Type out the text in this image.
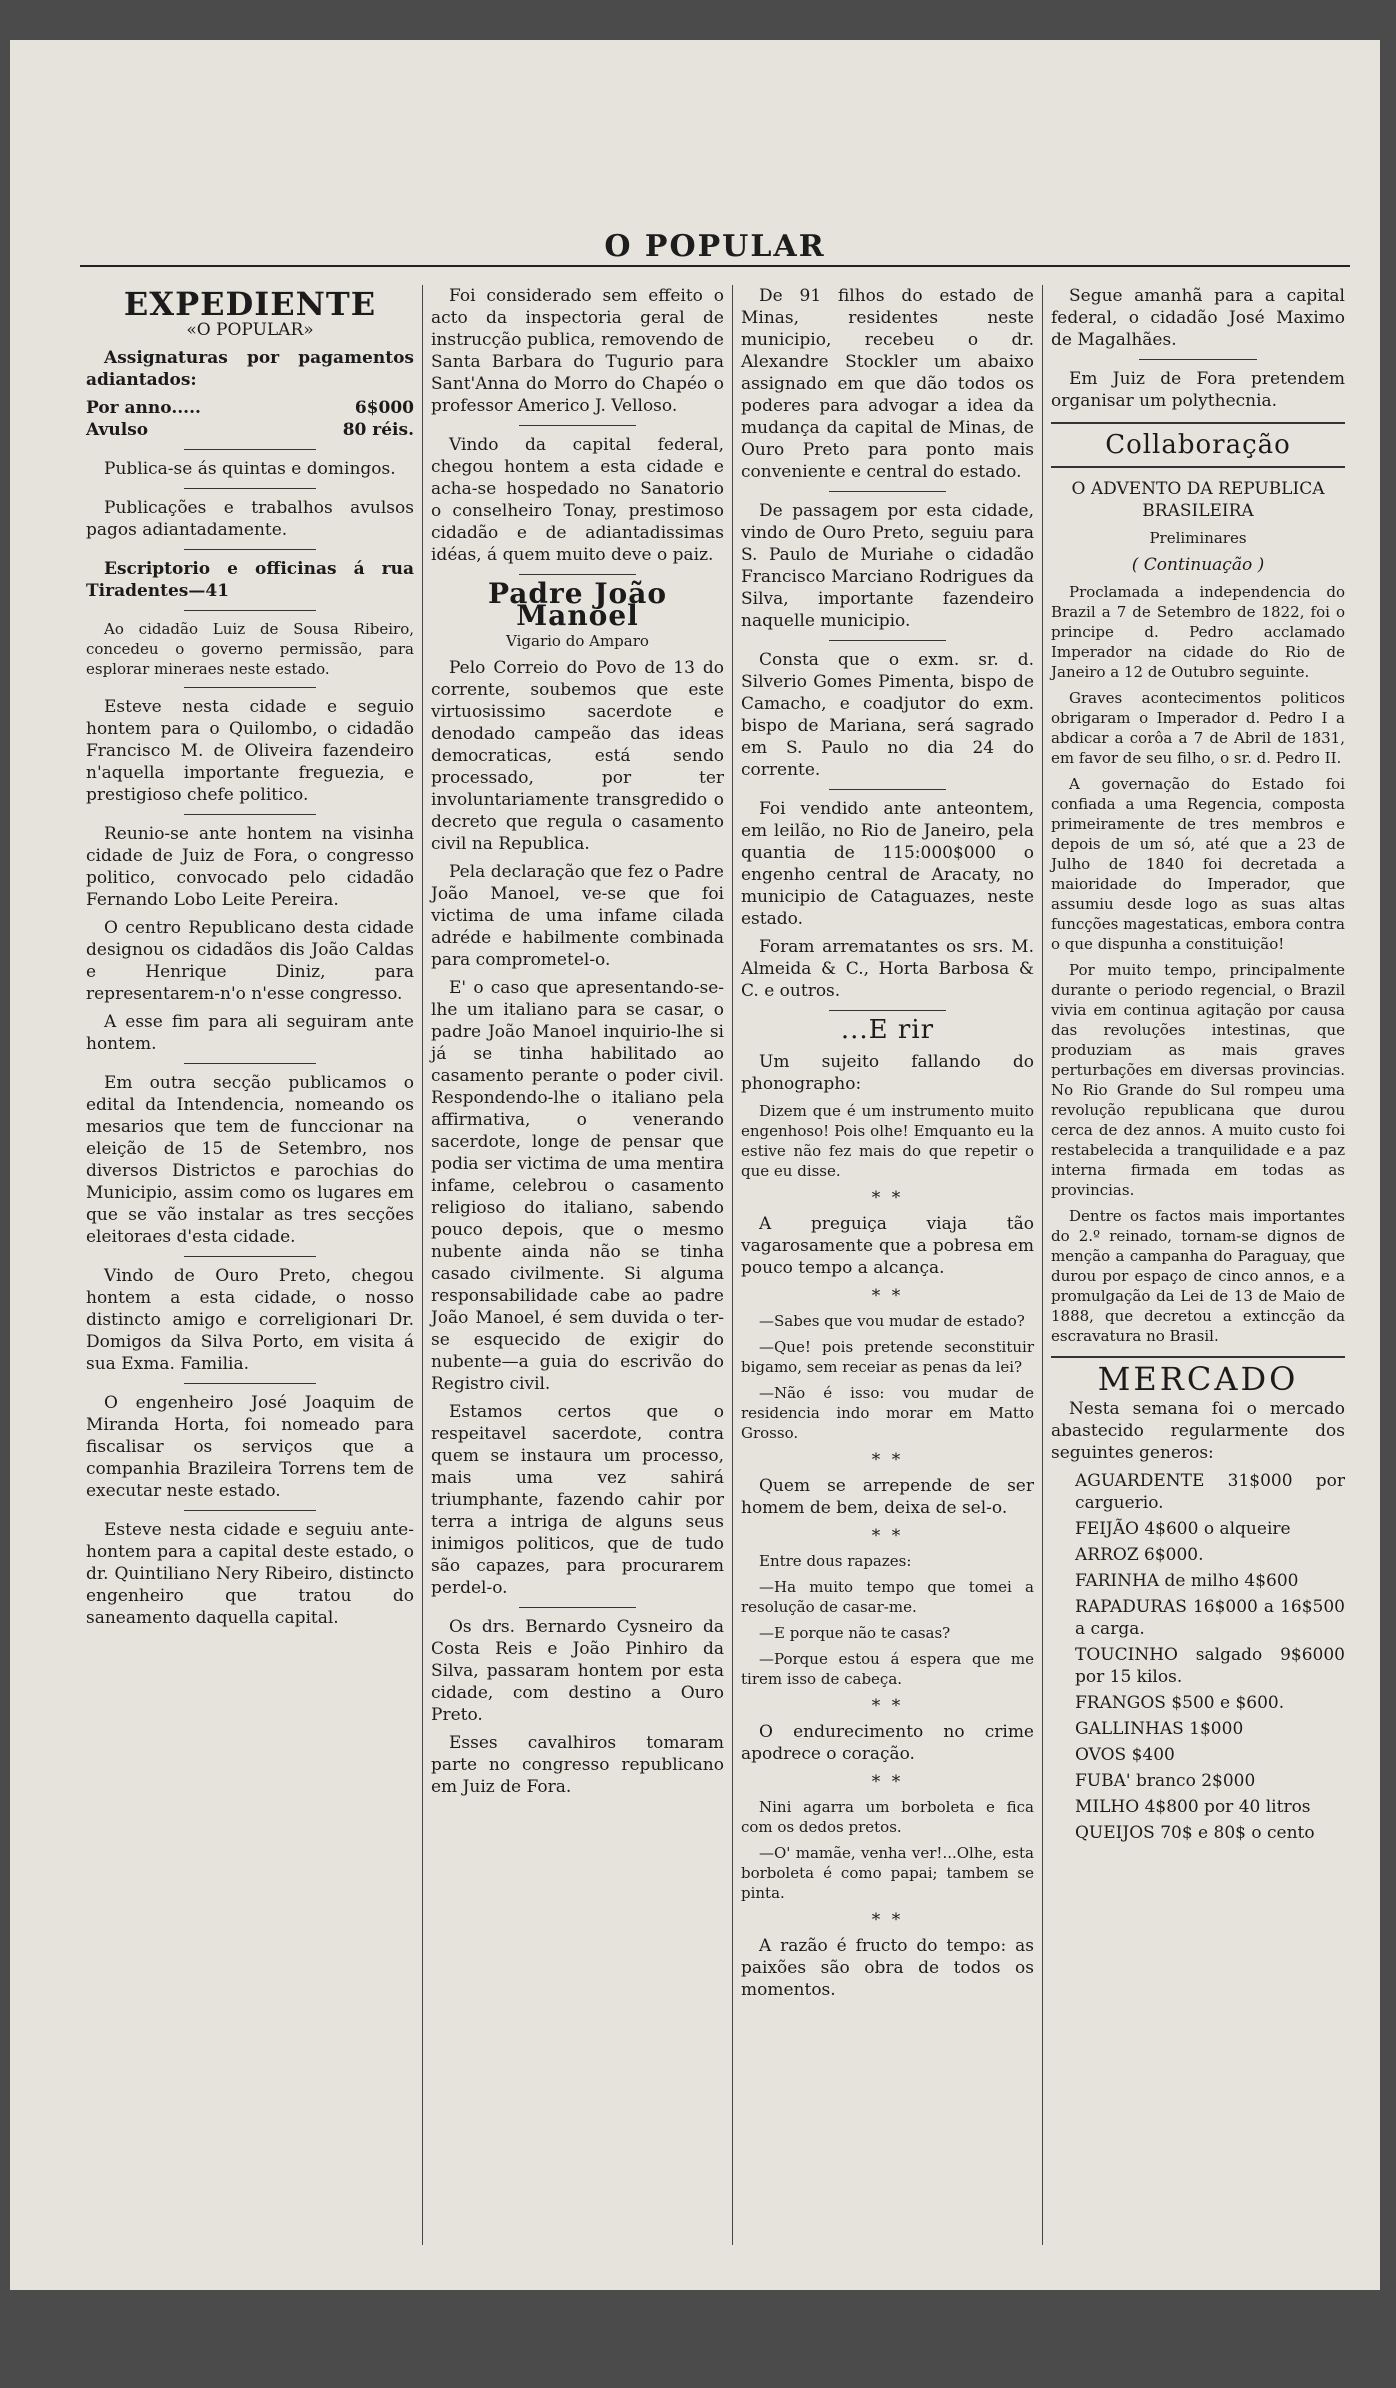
O POPULAR

EXPEDIENTE

«O POPULAR»

Assignaturas por pagamentos adiantados:

Por anno.....	6$000
Avulso	80 réis.

Publica-se ás quintas e domingos.

Publicações e trabalhos avulsos pagos adiantadamente.

Escriptorio e officinas á rua Tiradentes—41

Ao cidadão Luiz de Sousa Ribeiro, concedeu o governo permissão, para esplorar mineraes neste estado.

Esteve nesta cidade e seguio hontem para o Quilombo, o cidadão Francisco M. de Oliveira fazendeiro n'aquella importante freguezia, e prestigioso chefe politico.

Reunio-se ante hontem na visinha cidade de Juiz de Fora, o congresso politico, convocado pelo cidadão Fernando Lobo Leite Pereira.

O centro Republicano desta cidade designou os cidadãos dis João Caldas e Henrique Diniz, para representarem-n'o n'esse congresso.

A esse fim para ali seguiram ante hontem.

Em outra secção publicamos o edital da Intendencia, nomeando os mesarios que tem de funccionar na eleição de 15 de Setembro, nos diversos Districtos e parochias do Municipio, assim como os lugares em que se vão instalar as tres secções eleitoraes d'esta cidade.

Vindo de Ouro Preto, chegou hontem a esta cidade, o nosso distincto amigo e correligionari Dr. Domigos da Silva Porto, em visita á sua Exma. Familia.

O engenheiro José Joaquim de Miranda Horta, foi nomeado para fiscalisar os serviços que a companhia Brazileira Torrens tem de executar neste estado.

Esteve nesta cidade e seguiu ante-hontem para a capital deste estado, o dr. Quintiliano Nery Ribeiro, distincto engenheiro que tratou do saneamento daquella capital.

Foi considerado sem effeito o acto da inspectoria geral de instrucção publica, removendo de Santa Barbara do Tugurio para Sant'Anna do Morro do Chapéo o professor Americo J. Velloso.

Vindo da capital federal, chegou hontem a esta cidade e acha-se hospedado no Sanatorio o conselheiro Tonay, prestimoso cidadão e de adiantadissimas idéas, á quem muito deve o paiz.

Padre João Manoel

Vigario do Amparo

Pelo Correio do Povo de 13 do corrente, soubemos que este virtuosissimo sacerdote e denodado campeão das ideas democraticas, está sendo processado, por ter involuntariamente transgredido o decreto que regula o casamento civil na Republica.

Pela declaração que fez o Padre João Manoel, ve-se que foi victima de uma infame cilada adréde e habilmente combinada para comprometel-o.

E' o caso que apresentando-se-lhe um italiano para se casar, o padre João Manoel inquirio-lhe si já se tinha habilitado ao casamento perante o poder civil. Respondendo-lhe o italiano pela affirmativa, o venerando sacerdote, longe de pensar que podia ser victima de uma mentira infame, celebrou o casamento religioso do italiano, sabendo pouco depois, que o mesmo nubente ainda não se tinha casado civilmente. Si alguma responsabilidade cabe ao padre João Manoel, é sem duvida o ter-se esquecido de exigir do nubente—a guia do escrivão do Registro civil.

Estamos certos que o respeitavel sacerdote, contra quem se instaura um processo, mais uma vez sahirá triumphante, fazendo cahir por terra a intriga de alguns seus inimigos politicos, que de tudo são capazes, para procurarem perdel-o.

Os drs. Bernardo Cysneiro da Costa Reis e João Pinhiro da Silva, passaram hontem por esta cidade, com destino a Ouro Preto.

Esses cavalhiros tomaram parte no congresso republicano em Juiz de Fora.

De 91 filhos do estado de Minas, residentes neste municipio, recebeu o dr. Alexandre Stockler um abaixo assignado em que dão todos os poderes para advogar a idea da mudança da capital de Minas, de Ouro Preto para ponto mais conveniente e central do estado.

De passagem por esta cidade, vindo de Ouro Preto, seguiu para S. Paulo de Muriahe o cidadão Francisco Marciano Rodrigues da Silva, importante fazendeiro naquelle municipio.

Consta que o exm. sr. d. Silverio Gomes Pimenta, bispo de Camacho, e coadjutor do exm. bispo de Mariana, será sagrado em S. Paulo no dia 24 do corrente.

Foi vendido ante anteontem, em leilão, no Rio de Janeiro, pela quantia de 115:000$000 o engenho central de Aracaty, no municipio de Cataguazes, neste estado.

Foram arrematantes os srs. M. Almeida & C., Horta Barbosa & C. e outros.

...E rir

Um sujeito fallando do phonographo:

Dizem que é um instrumento muito engenhoso! Pois olhe! Emquanto eu la estive não fez mais do que repetir o que eu disse.

* *

A preguiça viaja tão vagarosamente que a pobresa em pouco tempo a alcança.

* *

—Sabes que vou mudar de estado?

—Que! pois pretende seconstituir bigamo, sem receiar as penas da lei?

—Não é isso: vou mudar de residencia indo morar em Matto Grosso.

* *

Quem se arrepende de ser homem de bem, deixa de sel-o.

* *

Entre dous rapazes:

—Ha muito tempo que tomei a resolução de casar-me.

—E porque não te casas?

—Porque estou á espera que me tirem isso de cabeça.

* *

O endurecimento no crime apodrece o coração.

* *

Nini agarra um borboleta e fica com os dedos pretos.

—O' mamãe, venha ver!...Olhe, esta borboleta é como papai; tambem se pinta.

* *

A razão é fructo do tempo: as paixões são obra de todos os momentos.

Segue amanhã para a capital federal, o cidadão José Maximo de Magalhães.

Em Juiz de Fora pretendem organisar um polythecnia.

Collaboração

O ADVENTO DA REPUBLICA BRASILEIRA

Preliminares

( Continuação )

Proclamada a independencia do Brazil a 7 de Setembro de 1822, foi o principe d. Pedro acclamado Imperador na cidade do Rio de Janeiro a 12 de Outubro seguinte.

Graves acontecimentos politicos obrigaram o Imperador d. Pedro I a abdicar a corôa a 7 de Abril de 1831, em favor de seu filho, o sr. d. Pedro II.

A governação do Estado foi confiada a uma Regencia, composta primeiramente de tres membros e depois de um só, até que a 23 de Julho de 1840 foi decretada a maioridade do Imperador, que assumiu desde logo as suas altas funcções magestaticas, embora contra o que dispunha a constituição!

Por muito tempo, principalmente durante o periodo regencial, o Brazil vivia em continua agitação por causa das revoluções intestinas, que produziam as mais graves perturbações em diversas provincias. No Rio Grande do Sul rompeu uma revolução republicana que durou cerca de dez annos. A muito custo foi restabelecida a tranquilidade e a paz interna firmada em todas as provincias.

Dentre os factos mais importantes do 2.º reinado, tornam-se dignos de menção a campanha do Paraguay, que durou por espaço de cinco annos, e a promulgação da Lei de 13 de Maio de 1888, que decretou a extincção da escravatura no Brasil.

MERCADO

Nesta semana foi o mercado abastecido regularmente dos seguintes generos:

AGUARDENTE 31$000 por carguerio.

FEIJÃO 4$600 o alqueire

ARROZ 6$000.

FARINHA de milho 4$600

RAPADURAS 16$000 a 16$500 a carga.

TOUCINHO salgado 9$6000 por 15 kilos.

FRANGOS $500 e $600.

GALLINHAS 1$000

OVOS $400

FUBA' branco 2$000

MILHO 4$800 por 40 litros

QUEIJOS 70$ e 80$ o cento
